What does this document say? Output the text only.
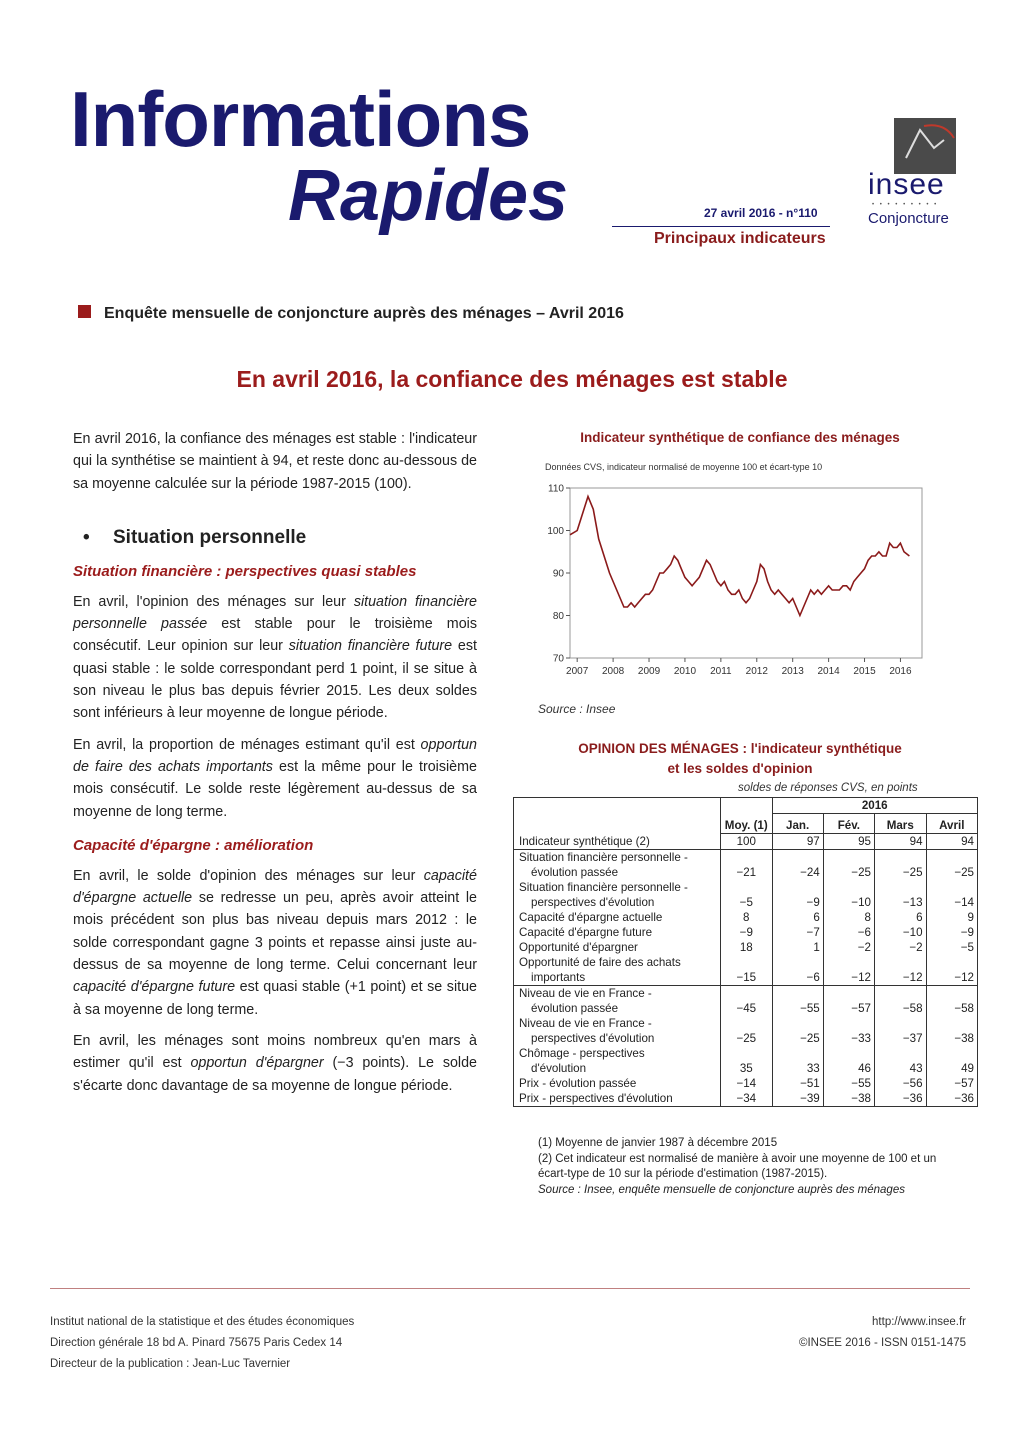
Informations
Rapides	27 avril 2016 - n°110
Principaux indicateurs
insee
• • • • • • • • •
Conjoncture
Enquête mensuelle de conjoncture auprès des ménages – Avril 2016
En avril 2016, la confiance des ménages est stable

En avril 2016, la confiance des ménages est stable : l'indicateur qui la synthétise se maintient à 94, et reste donc au-dessous de sa moyenne calculée sur la période 1987-2015 (100).

• Situation personnelle
Situation financière : perspectives quasi stables

En avril, l'opinion des ménages sur leur situation financière personnelle passée est stable pour le troisième mois consécutif. Leur opinion sur leur situation financière future est quasi stable : le solde correspondant perd 1 point, il se situe à son niveau le plus bas depuis février 2015. Les deux soldes sont inférieurs à leur moyenne de longue période.

En avril, la proportion de ménages estimant qu'il est opportun de faire des achats importants est la même pour le troisième mois consécutif. Le solde reste légèrement au-dessus de sa moyenne de long terme.

Capacité d'épargne : amélioration

En avril, le solde d'opinion des ménages sur leur capacité d'épargne actuelle se redresse un peu, après avoir atteint le mois précédent son plus bas niveau depuis mars 2012 : le solde correspondant gagne 3 points et repasse ainsi juste au-dessus de sa moyenne de long terme. Celui concernant leur capacité d'épargne future est quasi stable (+1 point) et se situe à sa moyenne de long terme.

En avril, les ménages sont moins nombreux qu'en mars à estimer qu'il est opportun d'épargner (−3 points). Le solde s'écarte donc davantage de sa moyenne de longue période.

Indicateur synthétique de confiance des ménages
Données CVS, indicateur normalisé de moyenne 100 et écart-type 10
70
80
90
100
110
2007 2008 2009 2010 2011 2012 2013 2014 2015 2016
Source : Insee
OPINION DES MÉNAGES : l'indicateur synthétique
et les soldes d'opinion
soldes de réponses CVS, en points
		2016			
	Moy. (1)	Jan.	Fév.	Mars	Avril

Indicateur synthétique (2)	100	97	95	94	94

Situation financière personnelle -
évolution passée	−21	−24	−25	−25	−25

Situation financière personnelle -
perspectives d'évolution	−5	−9	−10	−13	−14

Capacité d'épargne actuelle	8	6	8	6	9

Capacité d'épargne future	−9	−7	−6	−10	−9

Opportunité d'épargner	18	1	−2	−2	−5

Opportunité de faire des achats
importants	−15	−6	−12	−12	−12

Niveau de vie en France -
évolution passée	−45	−55	−57	−58	−58

Niveau de vie en France -
perspectives d'évolution	−25	−25	−33	−37	−38

Chômage - perspectives
d'évolution	35	33	46	43	49

Prix - évolution passée	−14	−51	−55	−56	−57

Prix - perspectives d'évolution	−34	−39	−38	−36	−36
(1) Moyenne de janvier 1987 à décembre 2015
(2) Cet indicateur est normalisé de manière à avoir une moyenne de 100 et un écart-type de 10 sur la période d'estimation (1987-2015).
Source : Insee, enquête mensuelle de conjoncture auprès des ménages
Institut national de la statistique et des études économiques
Direction générale 18 bd A. Pinard 75675 Paris Cedex 14
Directeur de la publication : Jean-Luc Tavernier
http://www.insee.fr
©INSEE 2016 - ISSN 0151-1475
